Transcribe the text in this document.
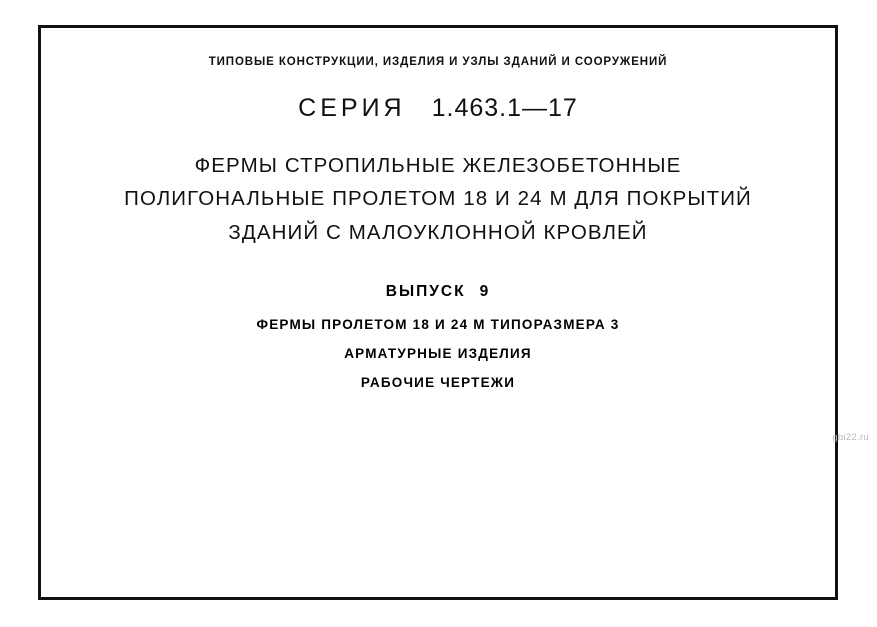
ТИПОВЫЕ КОНСТРУКЦИИ, ИЗДЕЛИЯ И УЗЛЫ ЗДАНИЙ И СООРУЖЕНИЙ
СЕРИЯ 1.463.1—17
ФЕРМЫ СТРОПИЛЬНЫЕ ЖЕЛЕЗОБЕТОННЫЕ
ПОЛИГОНАЛЬНЫЕ ПРОЛЕТОМ 18 И 24 М ДЛЯ ПОКРЫТИЙ
ЗДАНИЙ С МАЛОУКЛОННОЙ КРОВЛЕЙ
ВЫПУСК 9
ФЕРМЫ ПРОЛЕТОМ 18 И 24 М ТИПОРАЗМЕРА 3
АРМАТУРНЫЕ ИЗДЕЛИЯ
РАБОЧИЕ ЧЕРТЕЖИ
gbi22.ru
